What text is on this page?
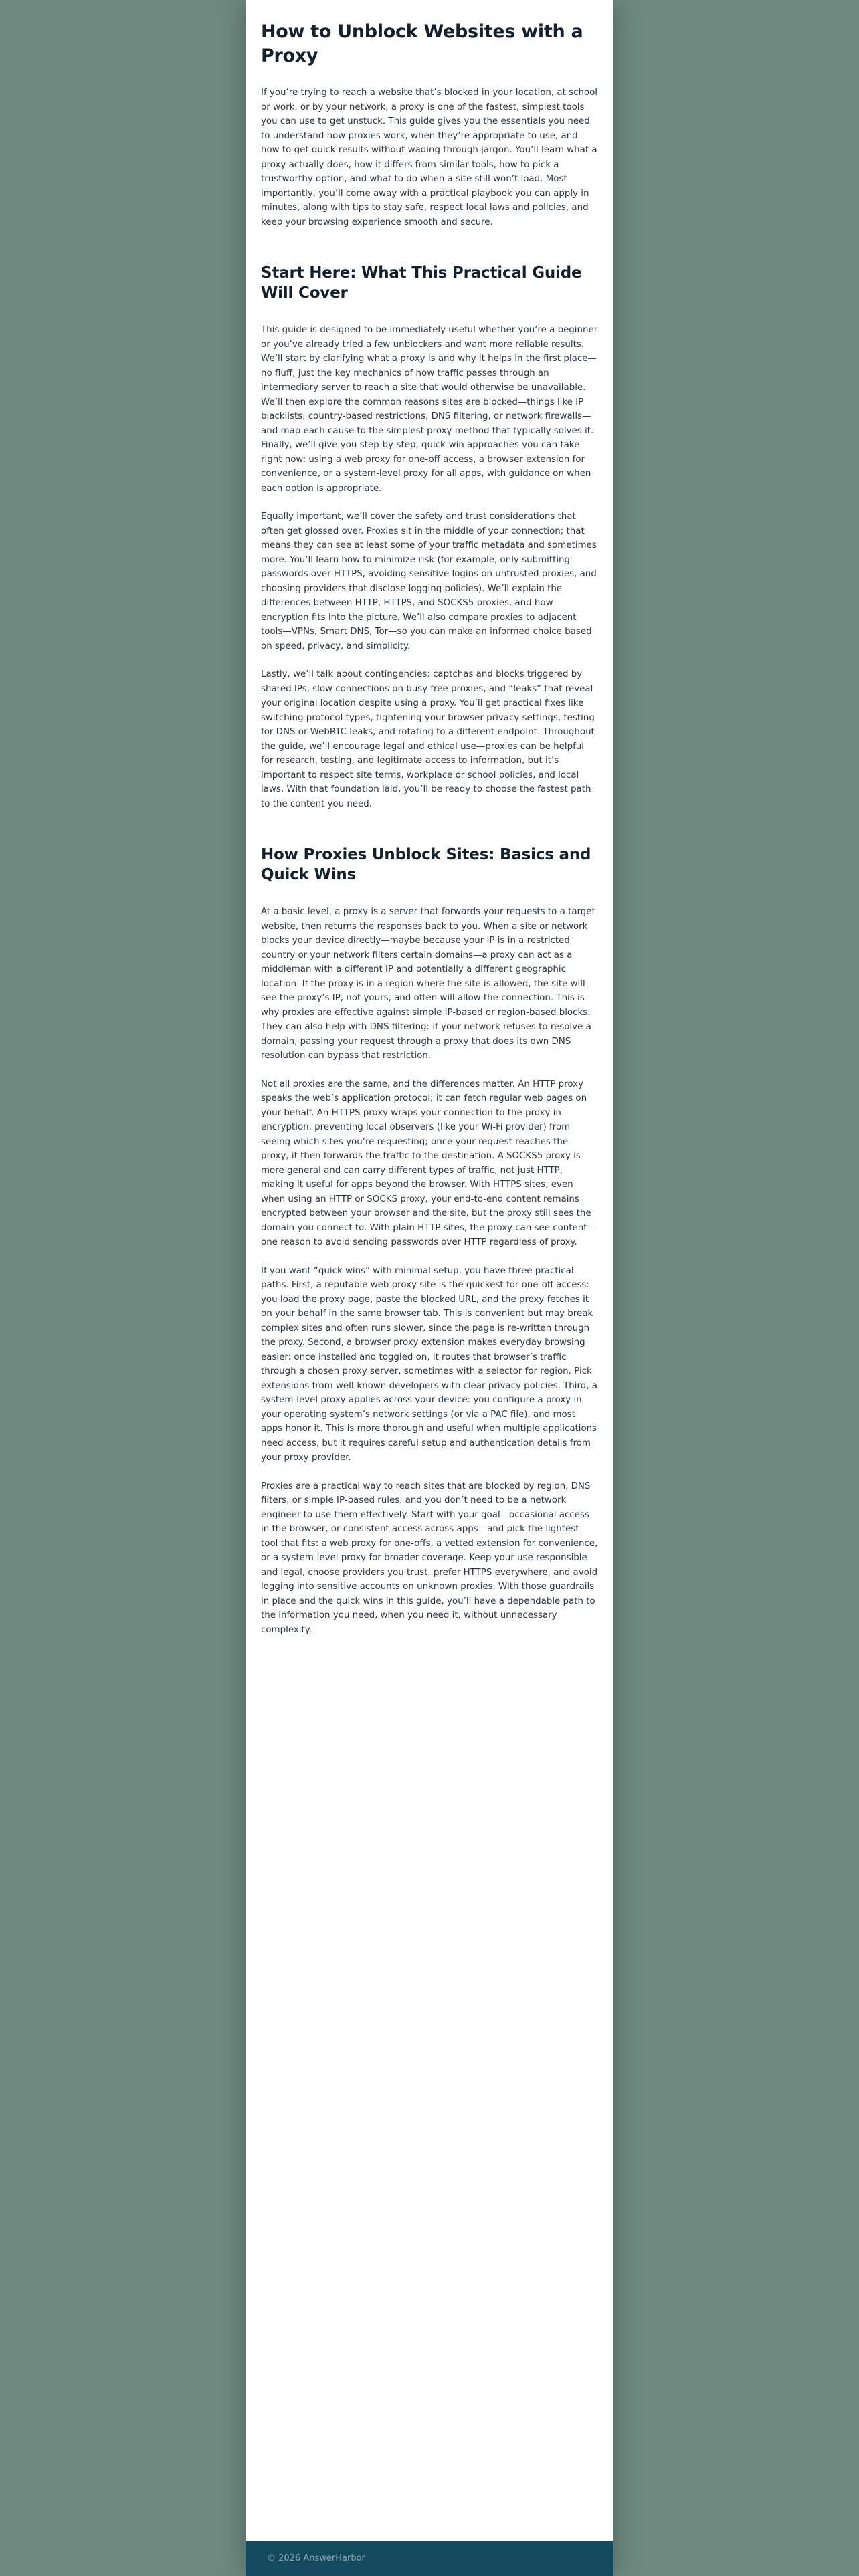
How to Unblock Websites with a Proxy

If you’re trying to reach a website that’s blocked in your location, at school or work, or by your network, a proxy is one of the fastest, simplest tools you can use to get unstuck. This guide gives you the essentials you need to understand how proxies work, when they’re appropriate to use, and how to get quick results without wading through jargon. You’ll learn what a proxy actually does, how it differs from similar tools, how to pick a trustworthy option, and what to do when a site still won’t load. Most importantly, you’ll come away with a practical playbook you can apply in minutes, along with tips to stay safe, respect local laws and policies, and keep your browsing experience smooth and secure.

Start Here: What This Practical Guide Will Cover

This guide is designed to be immediately useful whether you’re a beginner or you’ve already tried a few unblockers and want more reliable results. We’ll start by clarifying what a proxy is and why it helps in the first place—no fluff, just the key mechanics of how traffic passes through an intermediary server to reach a site that would otherwise be unavailable. We’ll then explore the common reasons sites are blocked—things like IP blacklists, country-based restrictions, DNS filtering, or network firewalls—and map each cause to the simplest proxy method that typically solves it. Finally, we’ll give you step-by-step, quick-win approaches you can take right now: using a web proxy for one-off access, a browser extension for convenience, or a system-level proxy for all apps, with guidance on when each option is appropriate.

Equally important, we’ll cover the safety and trust considerations that often get glossed over. Proxies sit in the middle of your connection; that means they can see at least some of your traffic metadata and sometimes more. You’ll learn how to minimize risk (for example, only submitting passwords over HTTPS, avoiding sensitive logins on untrusted proxies, and choosing providers that disclose logging policies). We’ll explain the differences between HTTP, HTTPS, and SOCKS5 proxies, and how encryption fits into the picture. We’ll also compare proxies to adjacent tools—VPNs, Smart DNS, Tor—so you can make an informed choice based on speed, privacy, and simplicity.

Lastly, we’ll talk about contingencies: captchas and blocks triggered by shared IPs, slow connections on busy free proxies, and “leaks” that reveal your original location despite using a proxy. You’ll get practical fixes like switching protocol types, tightening your browser privacy settings, testing for DNS or WebRTC leaks, and rotating to a different endpoint. Throughout the guide, we’ll encourage legal and ethical use—proxies can be helpful for research, testing, and legitimate access to information, but it’s important to respect site terms, workplace or school policies, and local laws. With that foundation laid, you’ll be ready to choose the fastest path to the content you need.

How Proxies Unblock Sites: Basics and Quick Wins

At a basic level, a proxy is a server that forwards your requests to a target website, then returns the responses back to you. When a site or network blocks your device directly—maybe because your IP is in a restricted country or your network filters certain domains—a proxy can act as a middleman with a different IP and potentially a different geographic location. If the proxy is in a region where the site is allowed, the site will see the proxy’s IP, not yours, and often will allow the connection. This is why proxies are effective against simple IP-based or region-based blocks. They can also help with DNS filtering: if your network refuses to resolve a domain, passing your request through a proxy that does its own DNS resolution can bypass that restriction.

Not all proxies are the same, and the differences matter. An HTTP proxy speaks the web’s application protocol; it can fetch regular web pages on your behalf. An HTTPS proxy wraps your connection to the proxy in encryption, preventing local observers (like your Wi-Fi provider) from seeing which sites you’re requesting; once your request reaches the proxy, it then forwards the traffic to the destination. A SOCKS5 proxy is more general and can carry different types of traffic, not just HTTP, making it useful for apps beyond the browser. With HTTPS sites, even when using an HTTP or SOCKS proxy, your end-to-end content remains encrypted between your browser and the site, but the proxy still sees the domain you connect to. With plain HTTP sites, the proxy can see content—one reason to avoid sending passwords over HTTP regardless of proxy.

If you want “quick wins” with minimal setup, you have three practical paths. First, a reputable web proxy site is the quickest for one-off access: you load the proxy page, paste the blocked URL, and the proxy fetches it on your behalf in the same browser tab. This is convenient but may break complex sites and often runs slower, since the page is re-written through the proxy. Second, a browser proxy extension makes everyday browsing easier: once installed and toggled on, it routes that browser’s traffic through a chosen proxy server, sometimes with a selector for region. Pick extensions from well-known developers with clear privacy policies. Third, a system-level proxy applies across your device: you configure a proxy in your operating system’s network settings (or via a PAC file), and most apps honor it. This is more thorough and useful when multiple applications need access, but it requires careful setup and authentication details from your proxy provider.

Proxies are a practical way to reach sites that are blocked by region, DNS filters, or simple IP-based rules, and you don’t need to be a network engineer to use them effectively. Start with your goal—occasional access in the browser, or consistent access across apps—and pick the lightest tool that fits: a web proxy for one-offs, a vetted extension for convenience, or a system-level proxy for broader coverage. Keep your use responsible and legal, choose providers you trust, prefer HTTPS everywhere, and avoid logging into sensitive accounts on unknown proxies. With those guardrails in place and the quick wins in this guide, you’ll have a dependable path to the information you need, when you need it, without unnecessary complexity.

© 2026 AnswerHarbor
